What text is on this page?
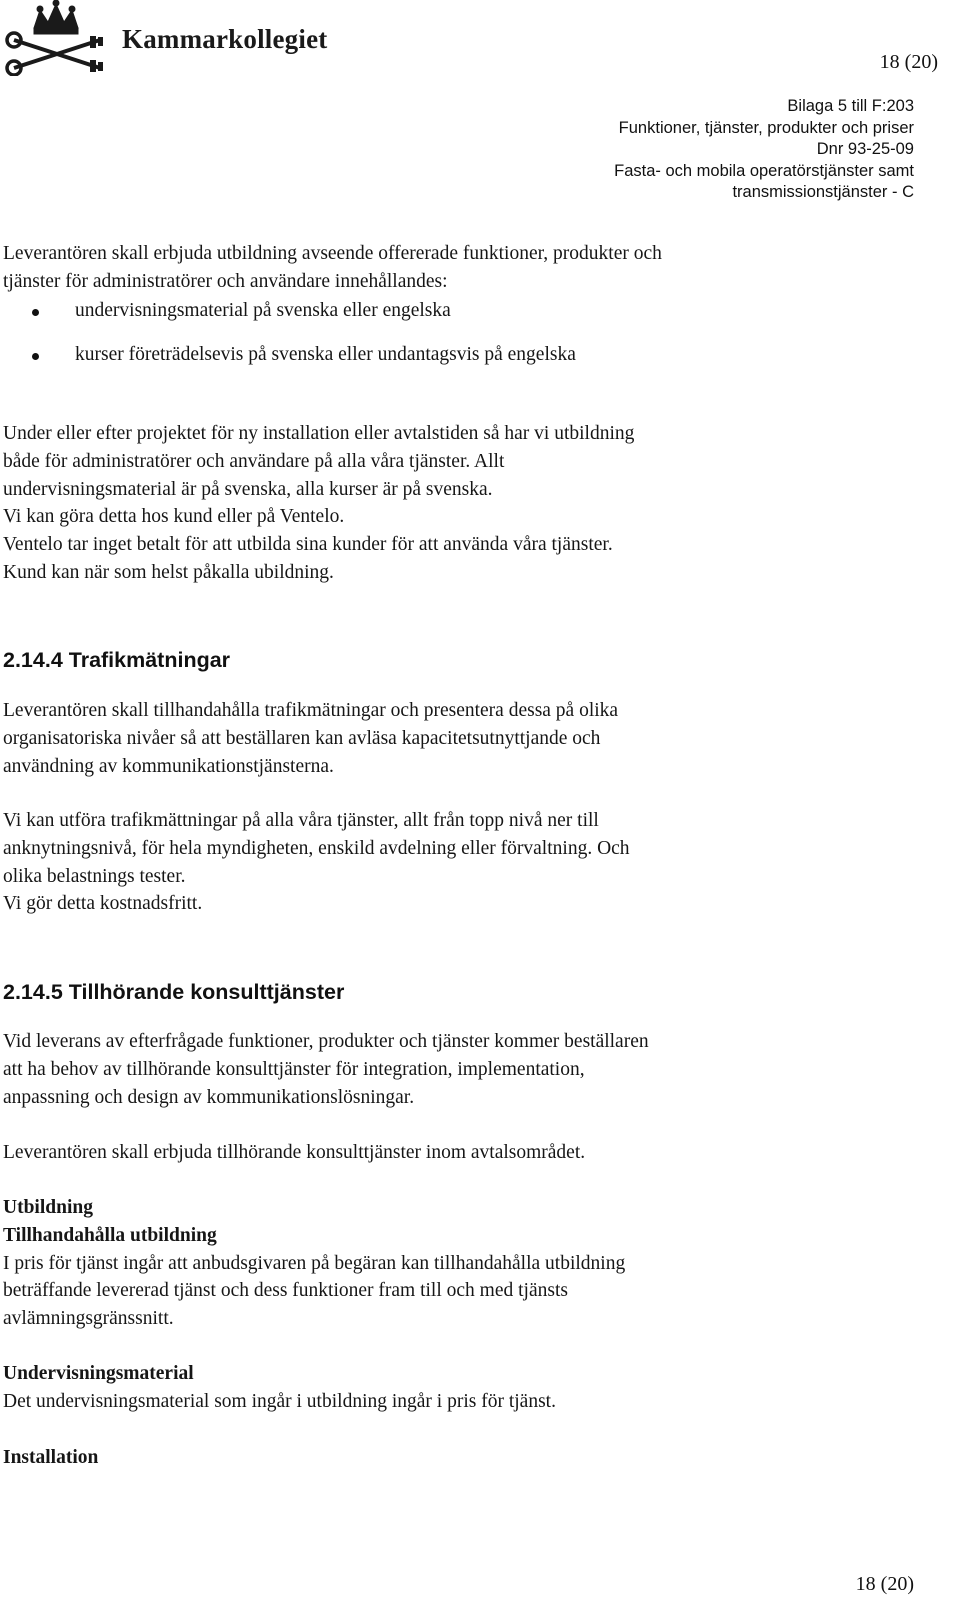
Kammarkollegiet
18 (20)
Bilaga 5 till F:203
Funktioner, tjänster, produkter och priser
Dnr 93-25-09
Fasta- och mobila operatörstjänster samt
transmissionstjänster - C
Leverantören skall erbjuda utbildning avseende offererade funktioner, produkter och
tjänster för administratörer och användare innehållandes:
undervisningsmaterial på svenska eller engelska
kurser företrädelsevis på svenska eller undantagsvis på engelska
Under eller efter projektet för ny installation eller avtalstiden så har vi utbildning
både för administratörer och användare på alla våra tjänster. Allt
undervisningsmaterial är på svenska, alla kurser är på svenska.
Vi kan göra detta hos kund eller på Ventelo.
Ventelo tar inget betalt för att utbilda sina kunder för att använda våra tjänster.
Kund kan när som helst påkalla ubildning.
2.14.4 Trafikmätningar
Leverantören skall tillhandahålla trafikmätningar och presentera dessa på olika
organisatoriska nivåer så att beställaren kan avläsa kapacitetsutnyttjande och
användning av kommunikationstjänsterna.
Vi kan utföra trafikmättningar på alla våra tjänster, allt från topp nivå ner till
anknytningsnivå, för hela myndigheten, enskild avdelning eller förvaltning. Och
olika belastnings tester.
Vi gör detta kostnadsfritt.
2.14.5 Tillhörande konsulttjänster
Vid leverans av efterfrågade funktioner, produkter och tjänster kommer beställaren
att ha behov av tillhörande konsulttjänster för integration, implementation,
anpassning och design av kommunikationslösningar.
Leverantören skall erbjuda tillhörande konsulttjänster inom avtalsområdet.
Utbildning
Tillhandahålla utbildning
I pris för tjänst ingår att anbudsgivaren på begäran kan tillhandahålla utbildning
beträffande levererad tjänst och dess funktioner fram till och med tjänsts
avlämningsgränssnitt.
Undervisningsmaterial
Det undervisningsmaterial som ingår i utbildning ingår i pris för tjänst.
Installation
18 (20)
